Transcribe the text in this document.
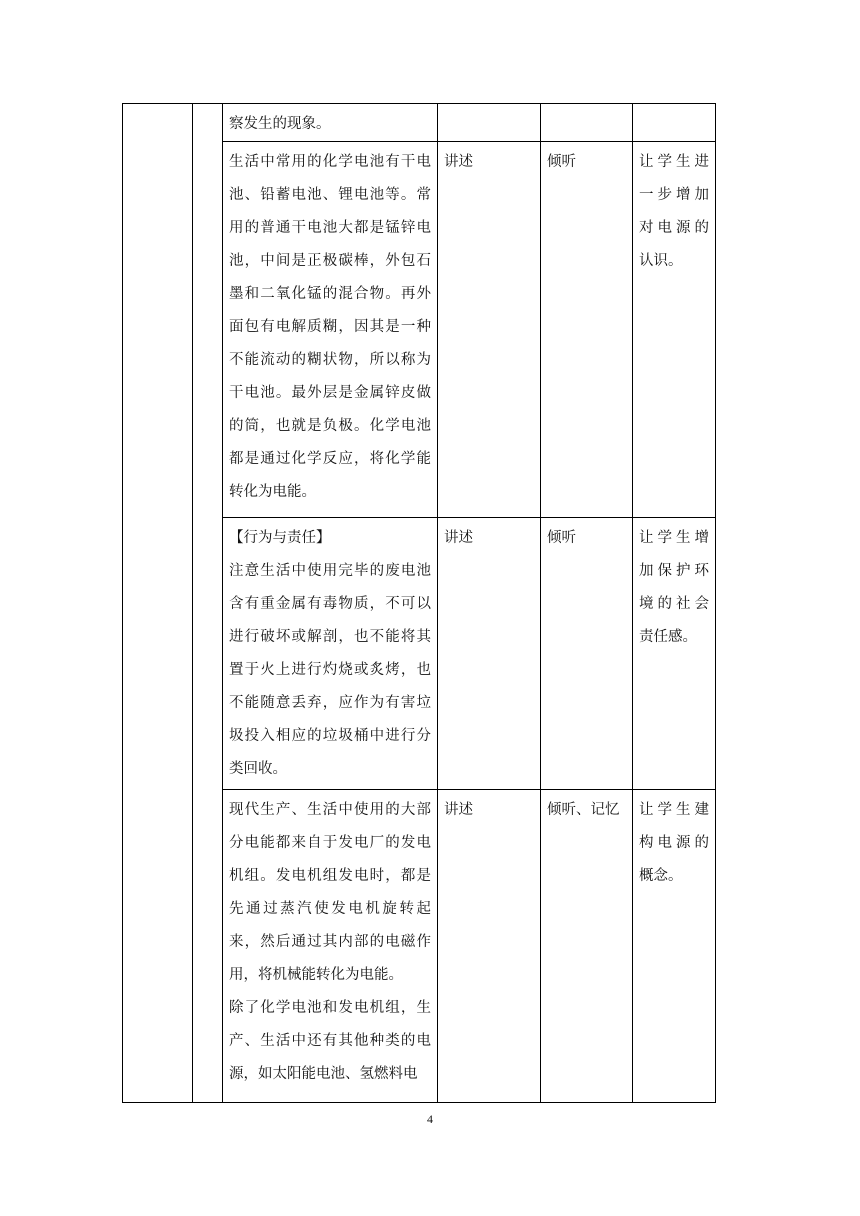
		察发生的现象。			

		生活中常用的化学电池有干电池、铅蓄电池、锂电池等。常用的普通干电池大都是锰锌电池，中间是正极碳棒，外包石墨和二氧化锰的混合物。再外面包有电解质糊，因其是一种不能流动的糊状物，所以称为干电池。最外层是金属锌皮做的筒，也就是负极。化学电池都是通过化学反应，将化学能转化为电能。	讲述	倾听	让学生进一步增加对电源的认识。

		【行为与责任】
注意生活中使用完毕的废电池含有重金属有毒物质，不可以进行破坏或解剖，也不能将其置于火上进行灼烧或炙烤，也不能随意丢弃，应作为有害垃圾投入相应的垃圾桶中进行分类回收。	讲述	倾听	让学生增加保护环境的社会责任感。

		现代生产、生活中使用的大部分电能都来自于发电厂的发电机组。发电机组发电时，都是先通过蒸汽使发电机旋转起来，然后通过其内部的电磁作用，将机械能转化为电能。
除了化学电池和发电机组，生产、生活中还有其他种类的电源，如太阳能电池、氢燃料电	讲述	倾听、记忆	让学生建构电源的概念。
4
